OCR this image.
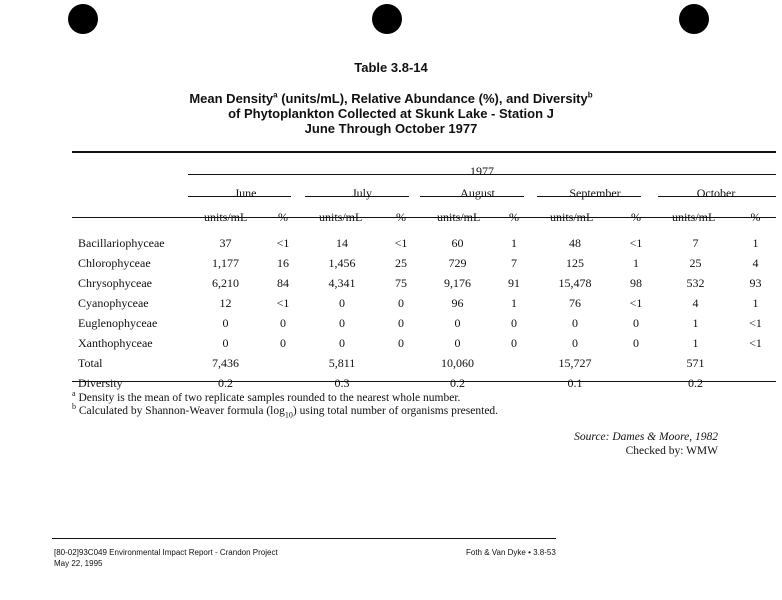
Table 3.8-14
Mean Density$^a$ (units/mL), Relative Abundance (%), and Diversity$^b$
of Phytoplankton Collected at Skunk Lake - Station J
June Through October 1977
	1977									
	June		July		August		September		October	
	units/mL	%	units/mL	%	units/mL	%	units/mL	%	units/mL	%
Bacillariophyceae	37	<1	14	<1	60	1	48	<1	7	1
Chlorophyceae	1,177	16	1,456	25	729	7	125	1	25	4
Chrysophyceae	6,210	84	4,341	75	9,176	91	15,478	98	532	93
Cyanophyceae	12	<1	0	0	96	1	76	<1	4	1
Euglenophyceae	0	0	0	0	0	0	0	0	1	<1
Xanthophyceae	0	0	0	0	0	0	0	0	1	<1
Total	7,436		5,811		10,060		15,727		571	
Diversity	0.2		0.3		0.2		0.1		0.2	
$^a$ Density is the mean of two replicate samples rounded to the nearest whole number.
$^b$ Calculated by Shannon-Weaver formula $(\log_{10})$ using total number of organisms presented.
Source: Dames & Moore, 1982
Checked by: WMW
[80-02]93C049 Environmental Impact Report - Crandon Project
May 22, 1995
Foth & Van Dyke • 3.8-53
